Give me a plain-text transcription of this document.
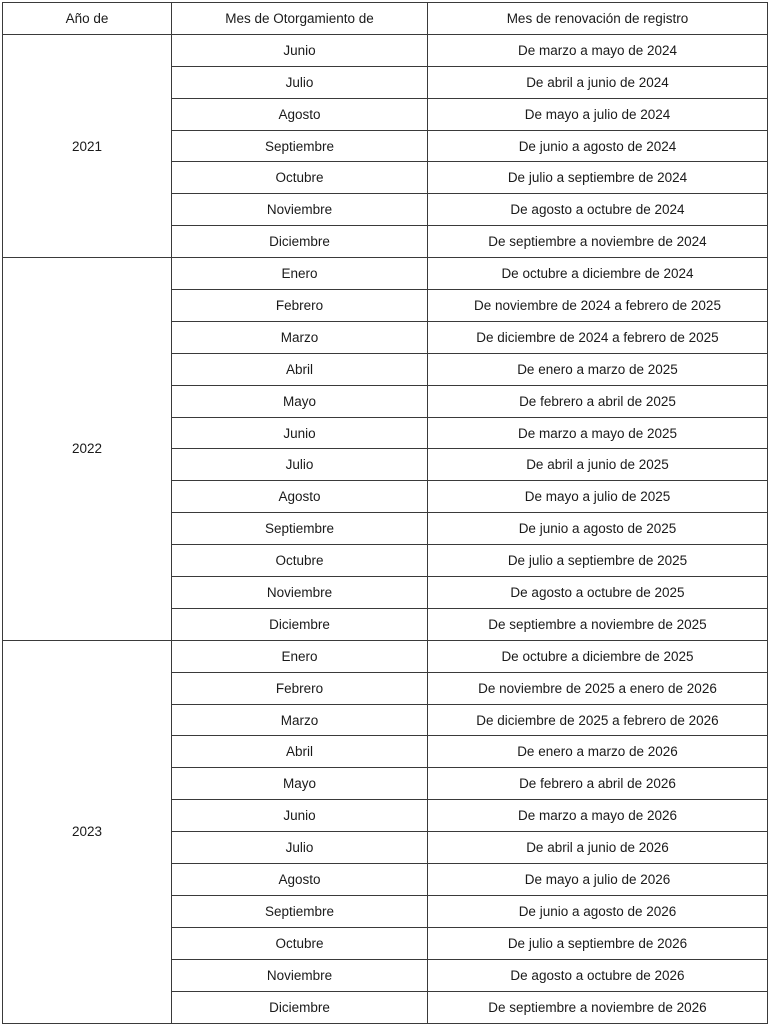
Año de	Mes de Otorgamiento de	Mes de renovación de registro
2021	Junio	De marzo a mayo de 2024
	Julio	De abril a junio de 2024
	Agosto	De mayo a julio de 2024
	Septiembre	De junio a agosto de 2024
	Octubre	De julio a septiembre de 2024
	Noviembre	De agosto a octubre de 2024
	Diciembre	De septiembre a noviembre de 2024
2022	Enero	De octubre a diciembre de 2024
	Febrero	De noviembre de 2024 a febrero de 2025
	Marzo	De diciembre de 2024 a febrero de 2025
	Abril	De enero a marzo de 2025
	Mayo	De febrero a abril de 2025
	Junio	De marzo a mayo de 2025
	Julio	De abril a junio de 2025
	Agosto	De mayo a julio de 2025
	Septiembre	De junio a agosto de 2025
	Octubre	De julio a septiembre de 2025
	Noviembre	De agosto a octubre de 2025
	Diciembre	De septiembre a noviembre de 2025
2023	Enero	De octubre a diciembre de 2025
	Febrero	De noviembre de 2025 a enero de 2026
	Marzo	De diciembre de 2025 a febrero de 2026
	Abril	De enero a marzo de 2026
	Mayo	De febrero a abril de 2026
	Junio	De marzo a mayo de 2026
	Julio	De abril a junio de 2026
	Agosto	De mayo a julio de 2026
	Septiembre	De junio a agosto de 2026
	Octubre	De julio a septiembre de 2026
	Noviembre	De agosto a octubre de 2026
	Diciembre	De septiembre a noviembre de 2026
